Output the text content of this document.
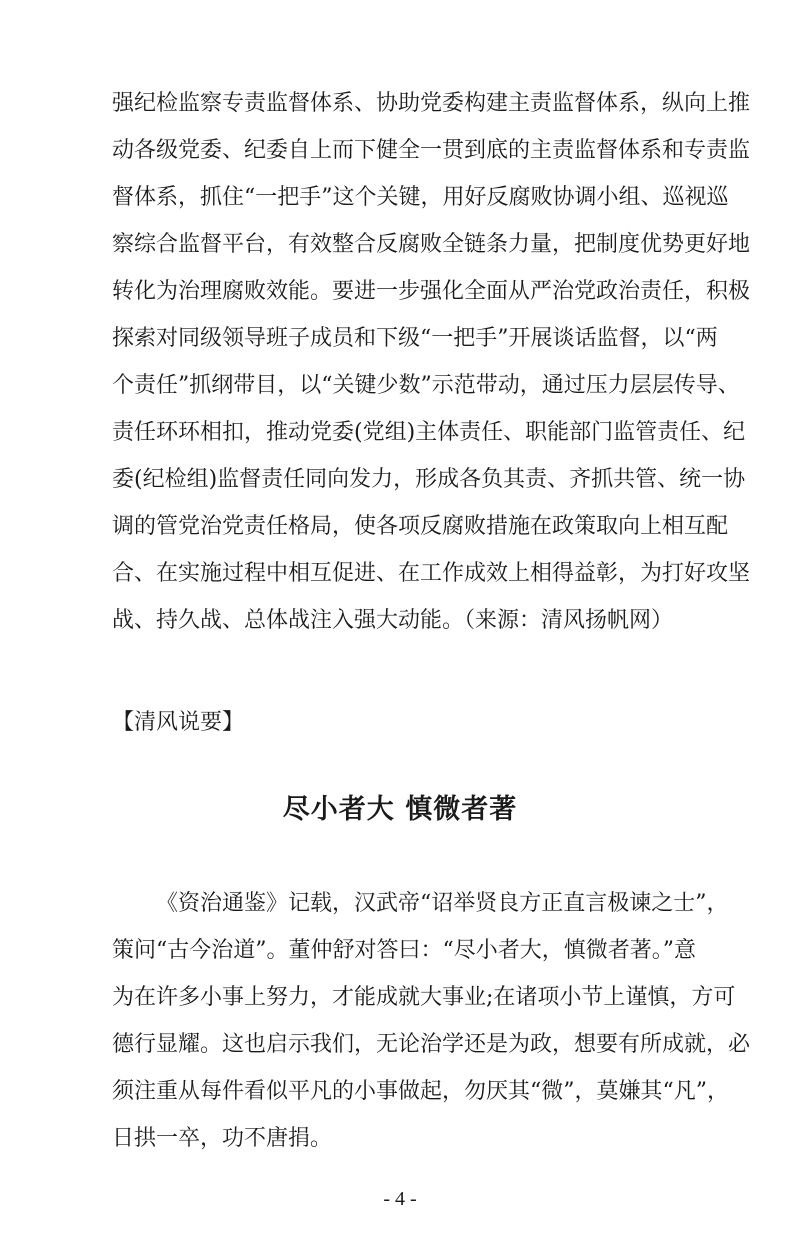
强纪检监察专责监督体系、协助党委构建主责监督体系，纵向上推
动各级党委、纪委自上而下健全一贯到底的主责监督体系和专责监
督体系，抓住“一把手”这个关键，用好反腐败协调小组、巡视巡
察综合监督平台，有效整合反腐败全链条力量，把制度优势更好地
转化为治理腐败效能。要进一步强化全面从严治党政治责任，积极
探索对同级领导班子成员和下级“一把手”开展谈话监督，以“两
个责任”抓纲带目，以“关键少数”示范带动，通过压力层层传导、
责任环环相扣，推动党委(党组)主体责任、职能部门监管责任、纪
委(纪检组)监督责任同向发力，形成各负其责、齐抓共管、统一协
调的管党治党责任格局，使各项反腐败措施在政策取向上相互配
合、在实施过程中相互促进、在工作成效上相得益彰，为打好攻坚
战、持久战、总体战注入强大动能。（来源：清风扬帆网）

【清风说要】

尽小者大 慎微者著
《资治通鉴》记载，汉武帝“诏举贤良方正直言极谏之士”，
策问“古今治道”。董仲舒对答曰：“尽小者大，慎微者著。”意
为在许多小事上努力，才能成就大事业;在诸项小节上谨慎，方可
德行显耀。这也启示我们，无论治学还是为政，想要有所成就，必
须注重从每件看似平凡的小事做起，勿厌其“微”，莫嫌其“凡”，
日拱一卒，功不唐捐。

- 4 -
